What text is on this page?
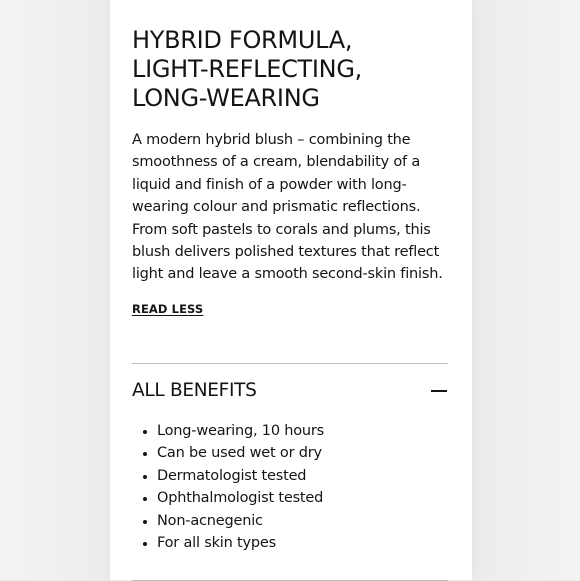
HYBRID FORMULA,
LIGHT-REFLECTING,
LONG-WEARING

A modern hybrid blush – combining the smoothness of a cream, blendability of a liquid and finish of a powder with long-wearing colour and prismatic reflections. From soft pastels to corals and plums, this blush delivers polished textures that reflect light and leave a smooth second-skin finish.

READ LESS
ALL BENEFITS
Long-wearing, 10 hours
Can be used wet or dry
Dermatologist tested
Ophthalmologist tested
Non-acnegenic
For all skin types
